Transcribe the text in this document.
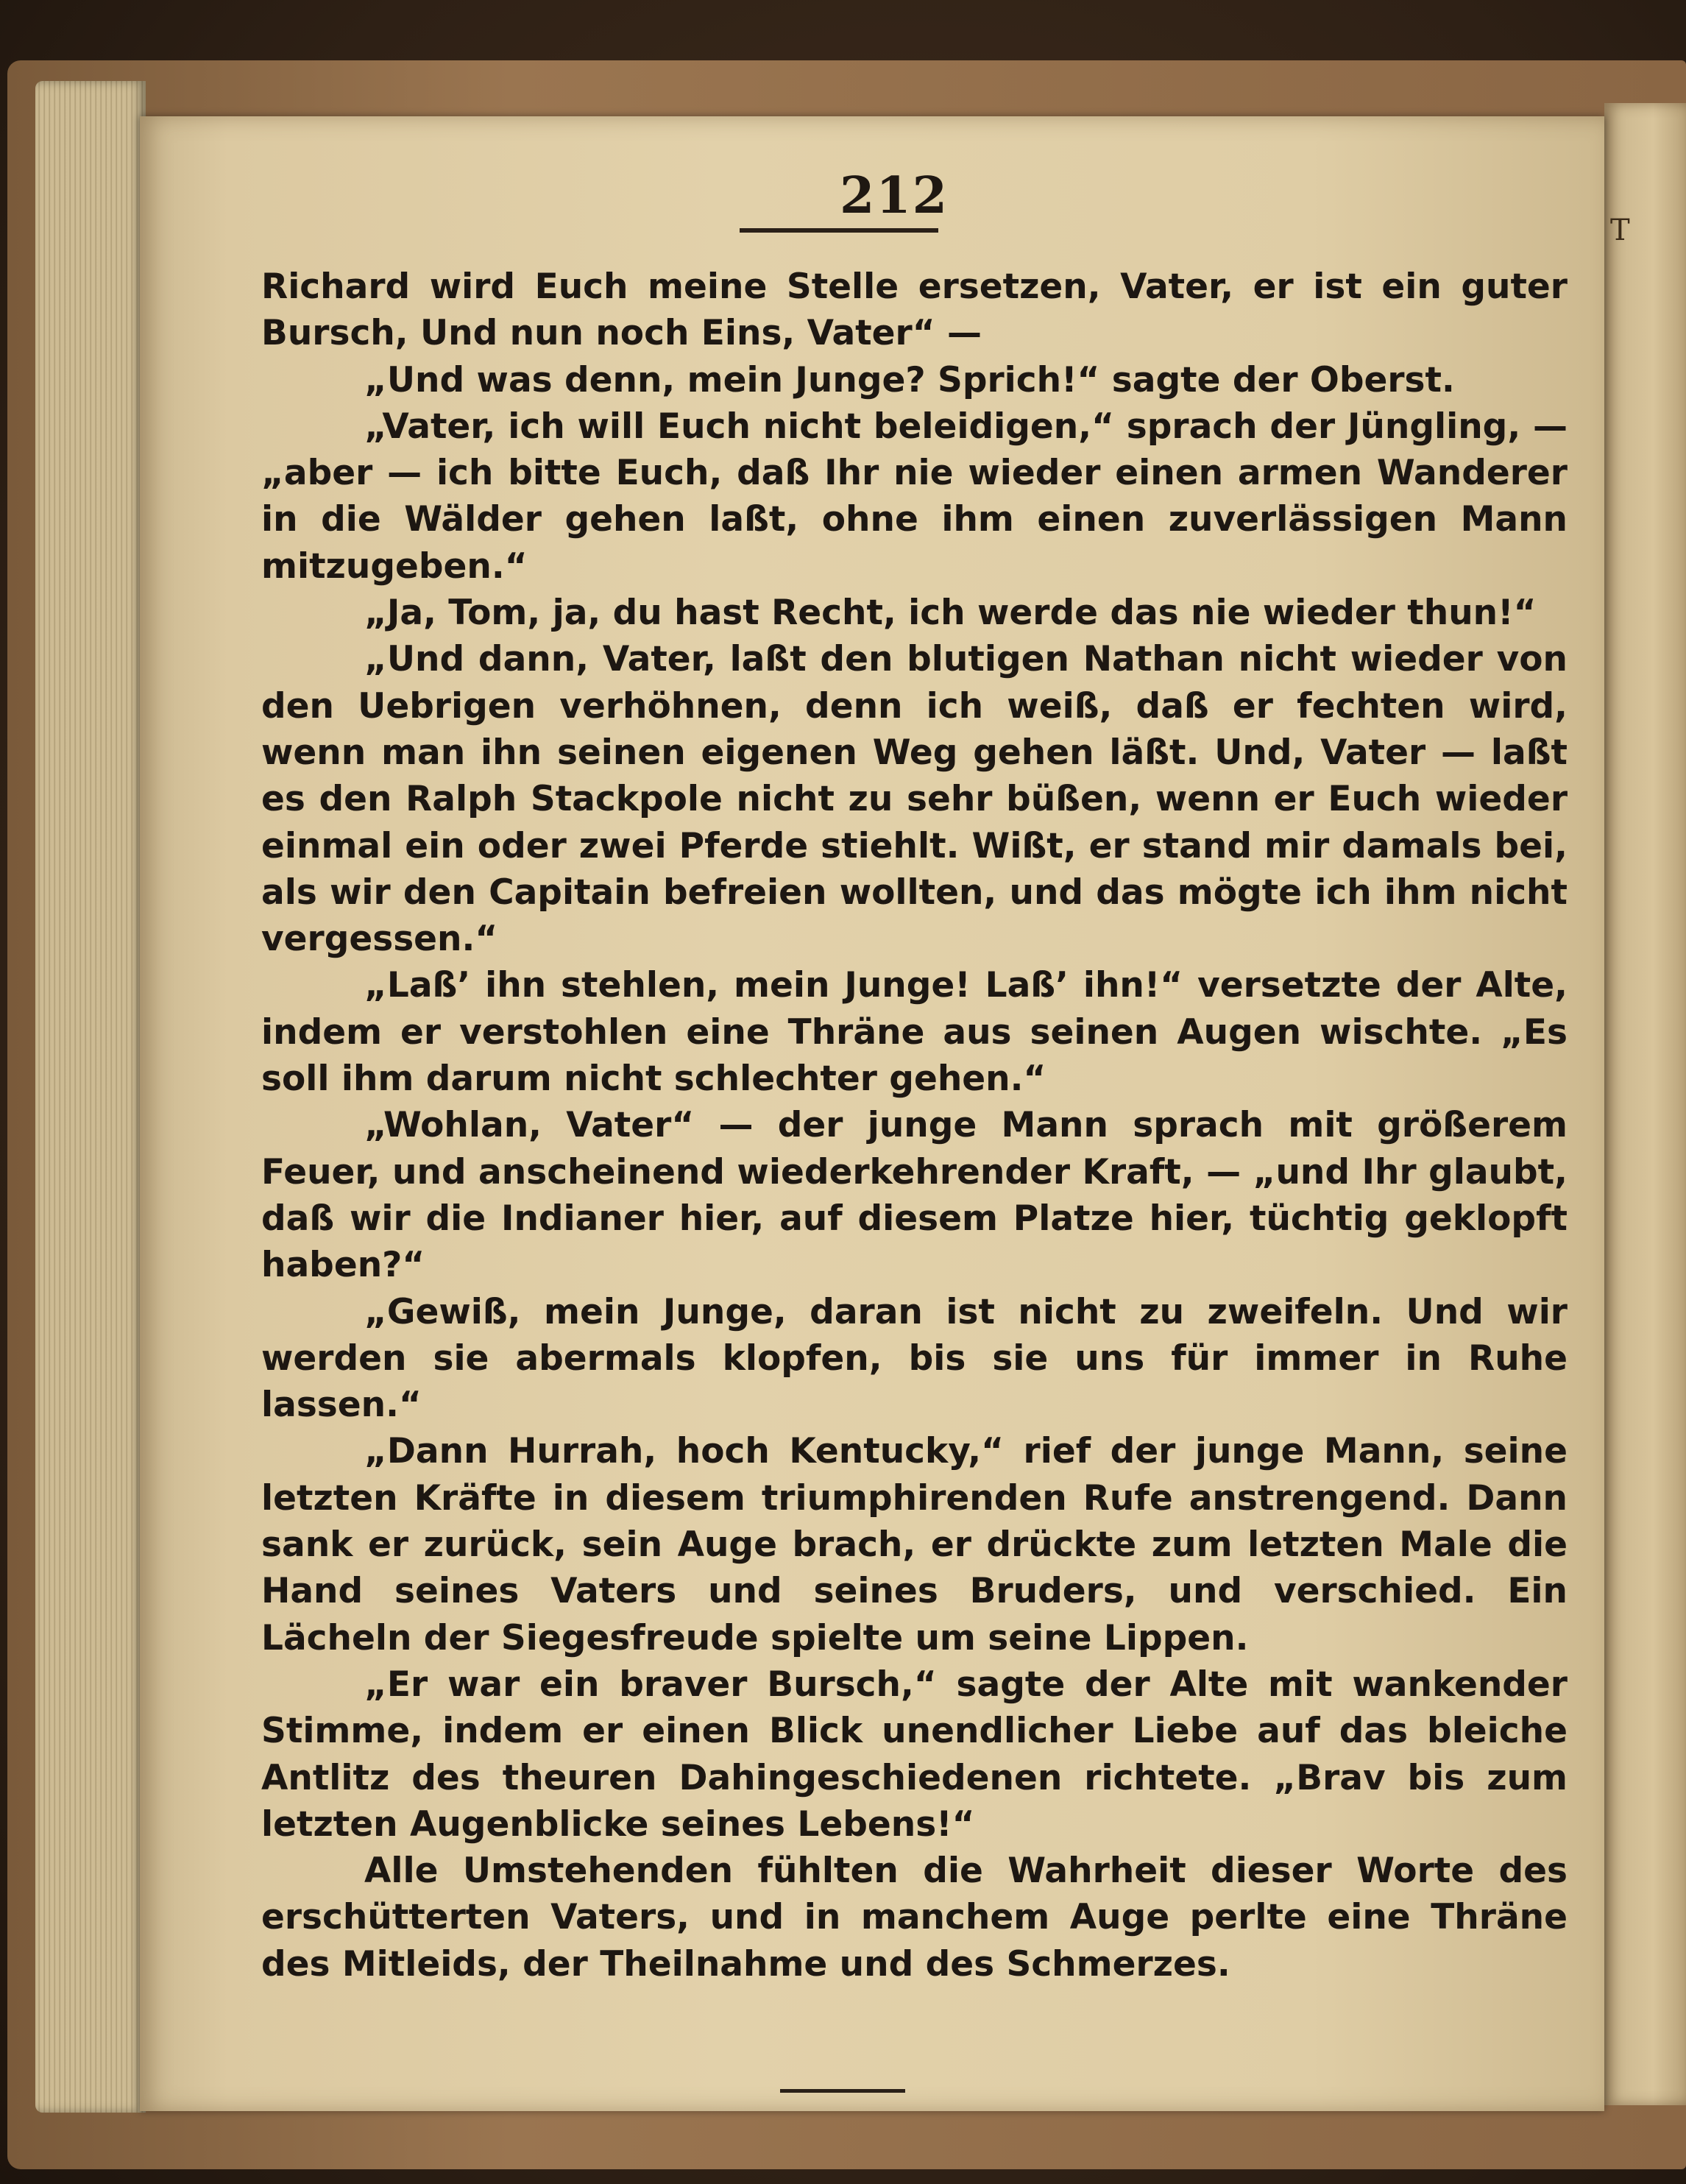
T
212

Richard wird Euch meine Stelle ersetzen, Vater, er ist ein guter Bursch, Und nun noch Eins, Vater“ —

„Und was denn, mein Junge? Sprich!“ sagte der Oberst.

„Vater, ich will Euch nicht beleidigen,“ sprach der Jüngling, — „aber — ich bitte Euch, daß Ihr nie wieder einen armen Wanderer in die Wälder gehen laßt, ohne ihm einen zuverlässigen Mann mitzugeben.“

„Ja, Tom, ja, du hast Recht, ich werde das nie wieder thun!“

„Und dann, Vater, laßt den blutigen Nathan nicht wieder von den Uebrigen verhöhnen, denn ich weiß, daß er fechten wird, wenn man ihn seinen eigenen Weg gehen läßt. Und, Vater — laßt es den Ralph Stackpole nicht zu sehr büßen, wenn er Euch wieder einmal ein oder zwei Pferde stiehlt. Wißt, er stand mir damals bei, als wir den Capitain befreien wollten, und das mögte ich ihm nicht vergessen.“

„Laß’ ihn stehlen, mein Junge! Laß’ ihn!“ versetzte der Alte, indem er verstohlen eine Thräne aus seinen Augen wischte. „Es soll ihm darum nicht schlechter gehen.“

„Wohlan, Vater“ — der junge Mann sprach mit größerem Feuer, und anscheinend wiederkehrender Kraft, — „und Ihr glaubt, daß wir die Indianer hier, auf diesem Platze hier, tüchtig geklopft haben?“

„Gewiß, mein Junge, daran ist nicht zu zweifeln. Und wir werden sie abermals klopfen, bis sie uns für immer in Ruhe lassen.“

„Dann Hurrah, hoch Kentucky,“ rief der junge Mann, seine letzten Kräfte in diesem triumphirenden Rufe anstrengend. Dann sank er zurück, sein Auge brach, er drückte zum letzten Male die Hand seines Vaters und seines Bruders, und verschied. Ein Lächeln der Siegesfreude spielte um seine Lippen.

„Er war ein braver Bursch,“ sagte der Alte mit wankender Stimme, indem er einen Blick unendlicher Liebe auf das bleiche Antlitz des theuren Dahingeschiedenen richtete. „Brav bis zum letzten Augenblicke seines Lebens!“

Alle Umstehenden fühlten die Wahrheit dieser Worte des erschütterten Vaters, und in manchem Auge perlte eine Thräne des Mitleids, der Theilnahme und des Schmerzes.
